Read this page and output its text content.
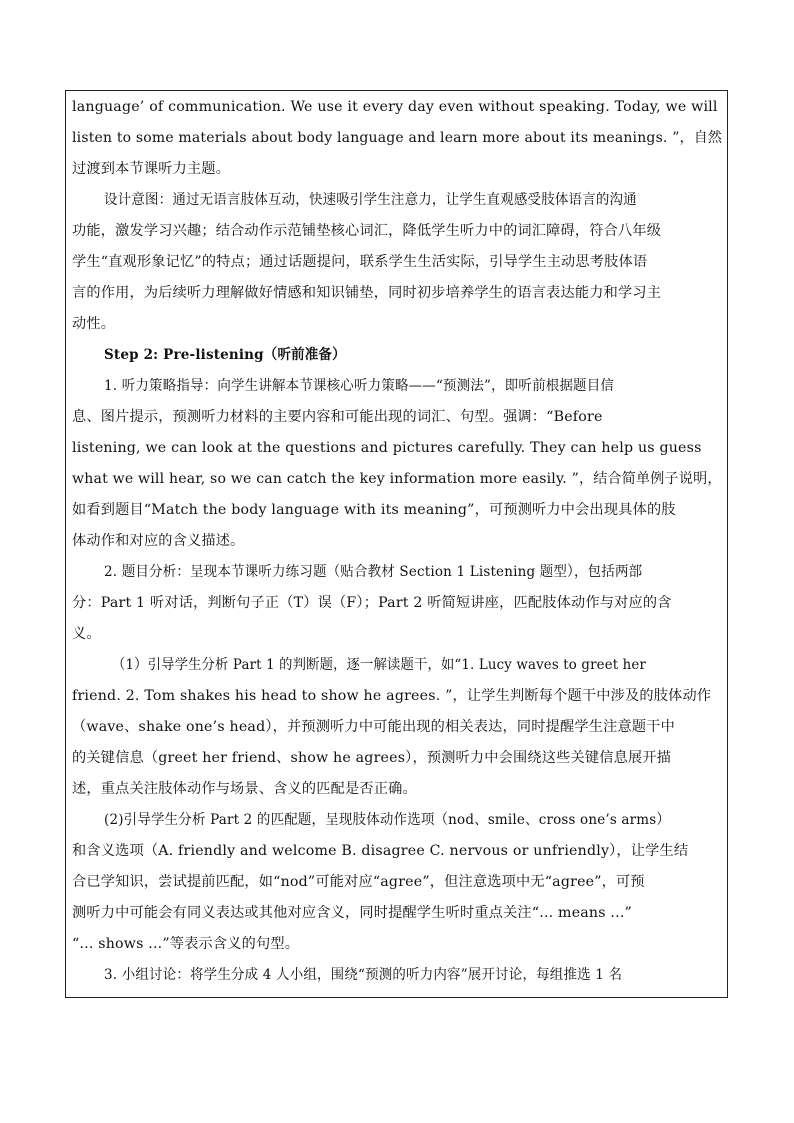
language’ of communication. We use it every day even without speaking. Today, we will
listen to some materials about body language and learn more about its meanings. ”，自然
过渡到本节课听力主题。
设计意图：通过无语言肢体互动，快速吸引学生注意力，让学生直观感受肢体语言的沟通
功能，激发学习兴趣；结合动作示范铺垫核心词汇，降低学生听力中的词汇障碍，符合八年级
学生“直观形象记忆”的特点；通过话题提问，联系学生生活实际，引导学生主动思考肢体语
言的作用，为后续听力理解做好情感和知识铺垫，同时初步培养学生的语言表达能力和学习主
动性。
Step 2: Pre-listening（听前准备）
1. 听力策略指导：向学生讲解本节课核心听力策略——“预测法”，即听前根据题目信
息、图片提示，预测听力材料的主要内容和可能出现的词汇、句型。强调：“Before
listening, we can look at the questions and pictures carefully. They can help us guess
what we will hear, so we can catch the key information more easily. ”，结合简单例子说明，
如看到题目“Match the body language with its meaning”，可预测听力中会出现具体的肢
体动作和对应的含义描述。
2. 题目分析：呈现本节课听力练习题（贴合教材 Section 1 Listening 题型），包括两部
分：Part 1 听对话，判断句子正（T）误（F）；Part 2 听简短讲座，匹配肢体动作与对应的含
义。
（1）引导学生分析 Part 1 的判断题，逐一解读题干，如“1. Lucy waves to greet her
friend. 2. Tom shakes his head to show he agrees. ”，让学生判断每个题干中涉及的肢体动作
（wave、shake one’s head），并预测听力中可能出现的相关表达，同时提醒学生注意题干中
的关键信息（greet her friend、show he agrees），预测听力中会围绕这些关键信息展开描
述，重点关注肢体动作与场景、含义的匹配是否正确。
(2)引导学生分析 Part 2 的匹配题，呈现肢体动作选项（nod、smile、cross one’s arms）
和含义选项（A. friendly and welcome B. disagree C. nervous or unfriendly），让学生结
合已学知识，尝试提前匹配，如“nod”可能对应“agree”，但注意选项中无“agree”，可预
测听力中可能会有同义表达或其他对应含义，同时提醒学生听时重点关注“... means ...”
“... shows ...”等表示含义的句型。
3. 小组讨论：将学生分成 4 人小组，围绕“预测的听力内容”展开讨论，每组推选 1 名
